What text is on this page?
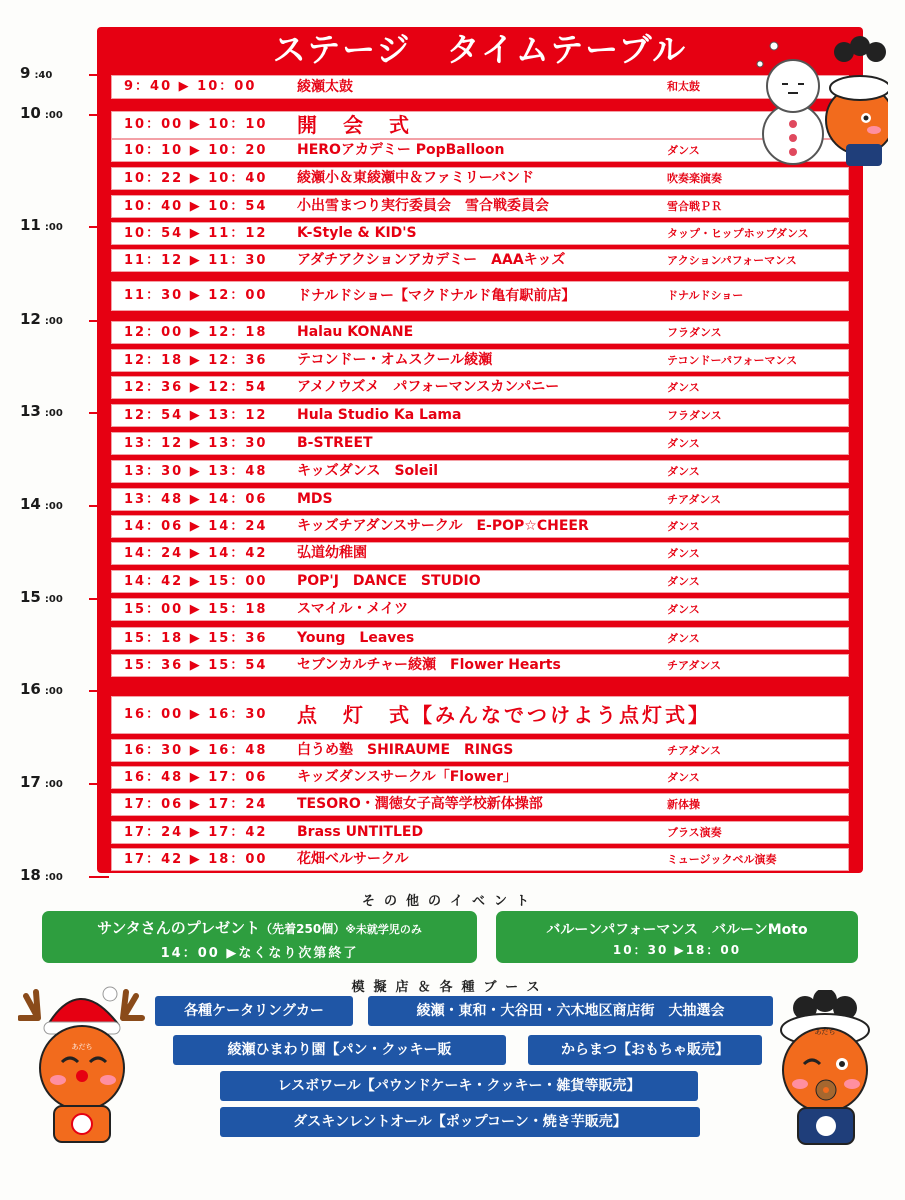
ステージ　タイムテーブル
9：40 ▶ 10：00	綾瀬太鼓	和太鼓
10：00 ▶ 10：10 開　会　式
10：10 ▶ 10：20 HEROアカデミー PopBalloon	ダンス
10：22 ▶ 10：40 綾瀬小＆東綾瀬中＆ファミリーバンド	吹奏楽演奏
10：40 ▶ 10：54 小出雪まつり実行委員会　雪合戦委員会	雪合戦ＰＲ
10：54 ▶ 11：12 K-Style & KID'S	タップ・ヒップホップダンス
11：12 ▶ 11：30 アダチアクションアカデミー　AAAキッズ	アクションパフォーマンス
11：30 ▶ 12：00 ドナルドショー【マクドナルド亀有駅前店】	ドナルドショー
12：00 ▶ 12：18 Halau KONANE	フラダンス
12：18 ▶ 12：36 テコンドー・オムスクール綾瀬	テコンドーパフォーマンス
12：36 ▶ 12：54 アメノウズメ　パフォーマンスカンパニー	ダンス
12：54 ▶ 13：12 Hula Studio Ka Lama	フラダンス
13：12 ▶ 13：30 B-STREET	ダンス
13：30 ▶ 13：48 キッズダンス　Soleil	ダンス
13：48 ▶ 14：06 MDS	チアダンス
14：06 ▶ 14：24 キッズチアダンスサークル　E-POP☆CHEER	ダンス
14：24 ▶ 14：42 弘道幼稚園	ダンス
14：42 ▶ 15：00 POP'J　DANCE　STUDIO	ダンス
15：00 ▶ 15：18 スマイル・メイツ	ダンス
15：18 ▶ 15：36 Young　Leaves	ダンス
15：36 ▶ 15：54 セブンカルチャー綾瀬　Flower Hearts	チアダンス
16：00 ▶ 16：30 点　灯　式【みんなでつけよう点灯式】
16：30 ▶ 16：48 白うめ塾　SHIRAUME　RINGS	チアダンス
16：48 ▶ 17：06 キッズダンスサークル「Flower」	ダンス
17：06 ▶ 17：24 TESORO・潤徳女子高等学校新体操部	新体操
17：24 ▶ 17：42 Brass UNTITLED	ブラス演奏
17：42 ▶ 18：00 花畑ベルサークル	ミュージックベル演奏
9 :40
10 :00
11 :00
12 :00
13 :00
14 :00
15 :00
16 :00
17 :00
18 :00
その他のイベント
サンタさんのプレゼント（先着250個）※未就学児のみ
14：00 ▶なくなり次第終了
バルーンパフォーマンス　バルーンMoto
10：30 ▶18：00
模擬店＆各種ブース
各種ケータリングカー	綾瀬・東和・大谷田・六木地区商店街　大抽選会
綾瀬ひまわり園【パン・クッキー販	からまつ【おもちゃ販売】
レスボワール【パウンドケーキ・クッキー・雑貨等販売】
ダスキンレントオール【ポップコーン・焼き芋販売】
あだち
あだち
